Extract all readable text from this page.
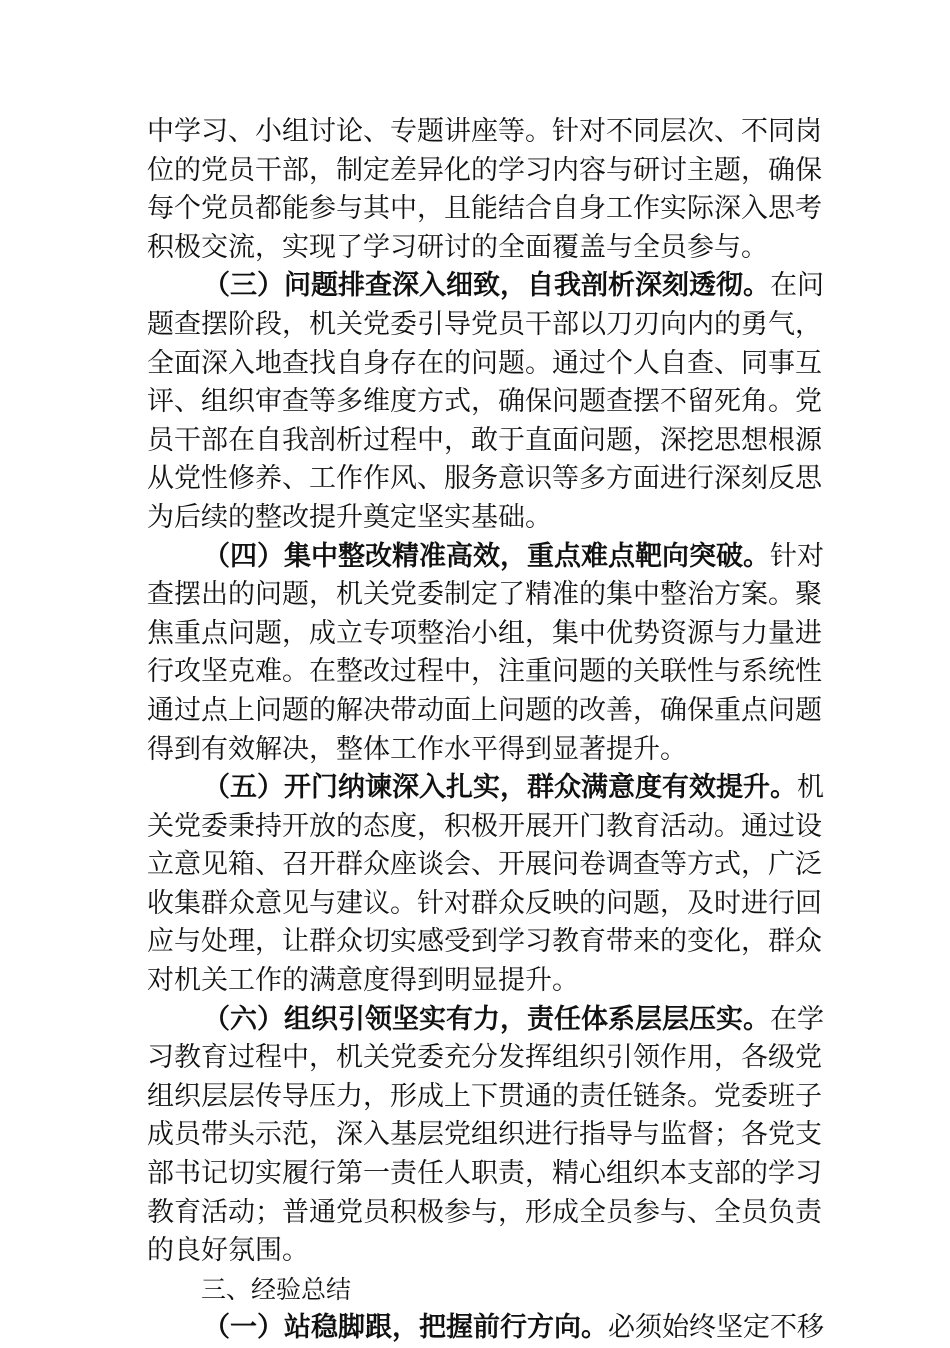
中学习、小组讨论、专题讲座等。针对不同层次、不同岗
位的党员干部，制定差异化的学习内容与研讨主题，确保
每个党员都能参与其中，且能结合自身工作实际深入思考
积极交流，实现了学习研讨的全面覆盖与全员参与。
（三）问题排查深入细致，自我剖析深刻透彻。在问
题查摆阶段，机关党委引导党员干部以刀刃向内的勇气，
全面深入地查找自身存在的问题。通过个人自查、同事互
评、组织审查等多维度方式，确保问题查摆不留死角。党
员干部在自我剖析过程中，敢于直面问题，深挖思想根源
从党性修养、工作作风、服务意识等多方面进行深刻反思
为后续的整改提升奠定坚实基础。
（四）集中整改精准高效，重点难点靶向突破。针对
查摆出的问题，机关党委制定了精准的集中整治方案。聚
焦重点问题，成立专项整治小组，集中优势资源与力量进
行攻坚克难。在整改过程中，注重问题的关联性与系统性
通过点上问题的解决带动面上问题的改善，确保重点问题
得到有效解决，整体工作水平得到显著提升。
（五）开门纳谏深入扎实，群众满意度有效提升。机
关党委秉持开放的态度，积极开展开门教育活动。通过设
立意见箱、召开群众座谈会、开展问卷调查等方式，广泛
收集群众意见与建议。针对群众反映的问题，及时进行回
应与处理，让群众切实感受到学习教育带来的变化，群众
对机关工作的满意度得到明显提升。
（六）组织引领坚实有力，责任体系层层压实。在学
习教育过程中，机关党委充分发挥组织引领作用，各级党
组织层层传导压力，形成上下贯通的责任链条。党委班子
成员带头示范，深入基层党组织进行指导与监督；各党支
部书记切实履行第一责任人职责，精心组织本支部的学习
教育活动；普通党员积极参与，形成全员参与、全员负责
的良好氛围。
三、经验总结
（一）站稳脚跟，把握前行方向。必须始终坚定不移
